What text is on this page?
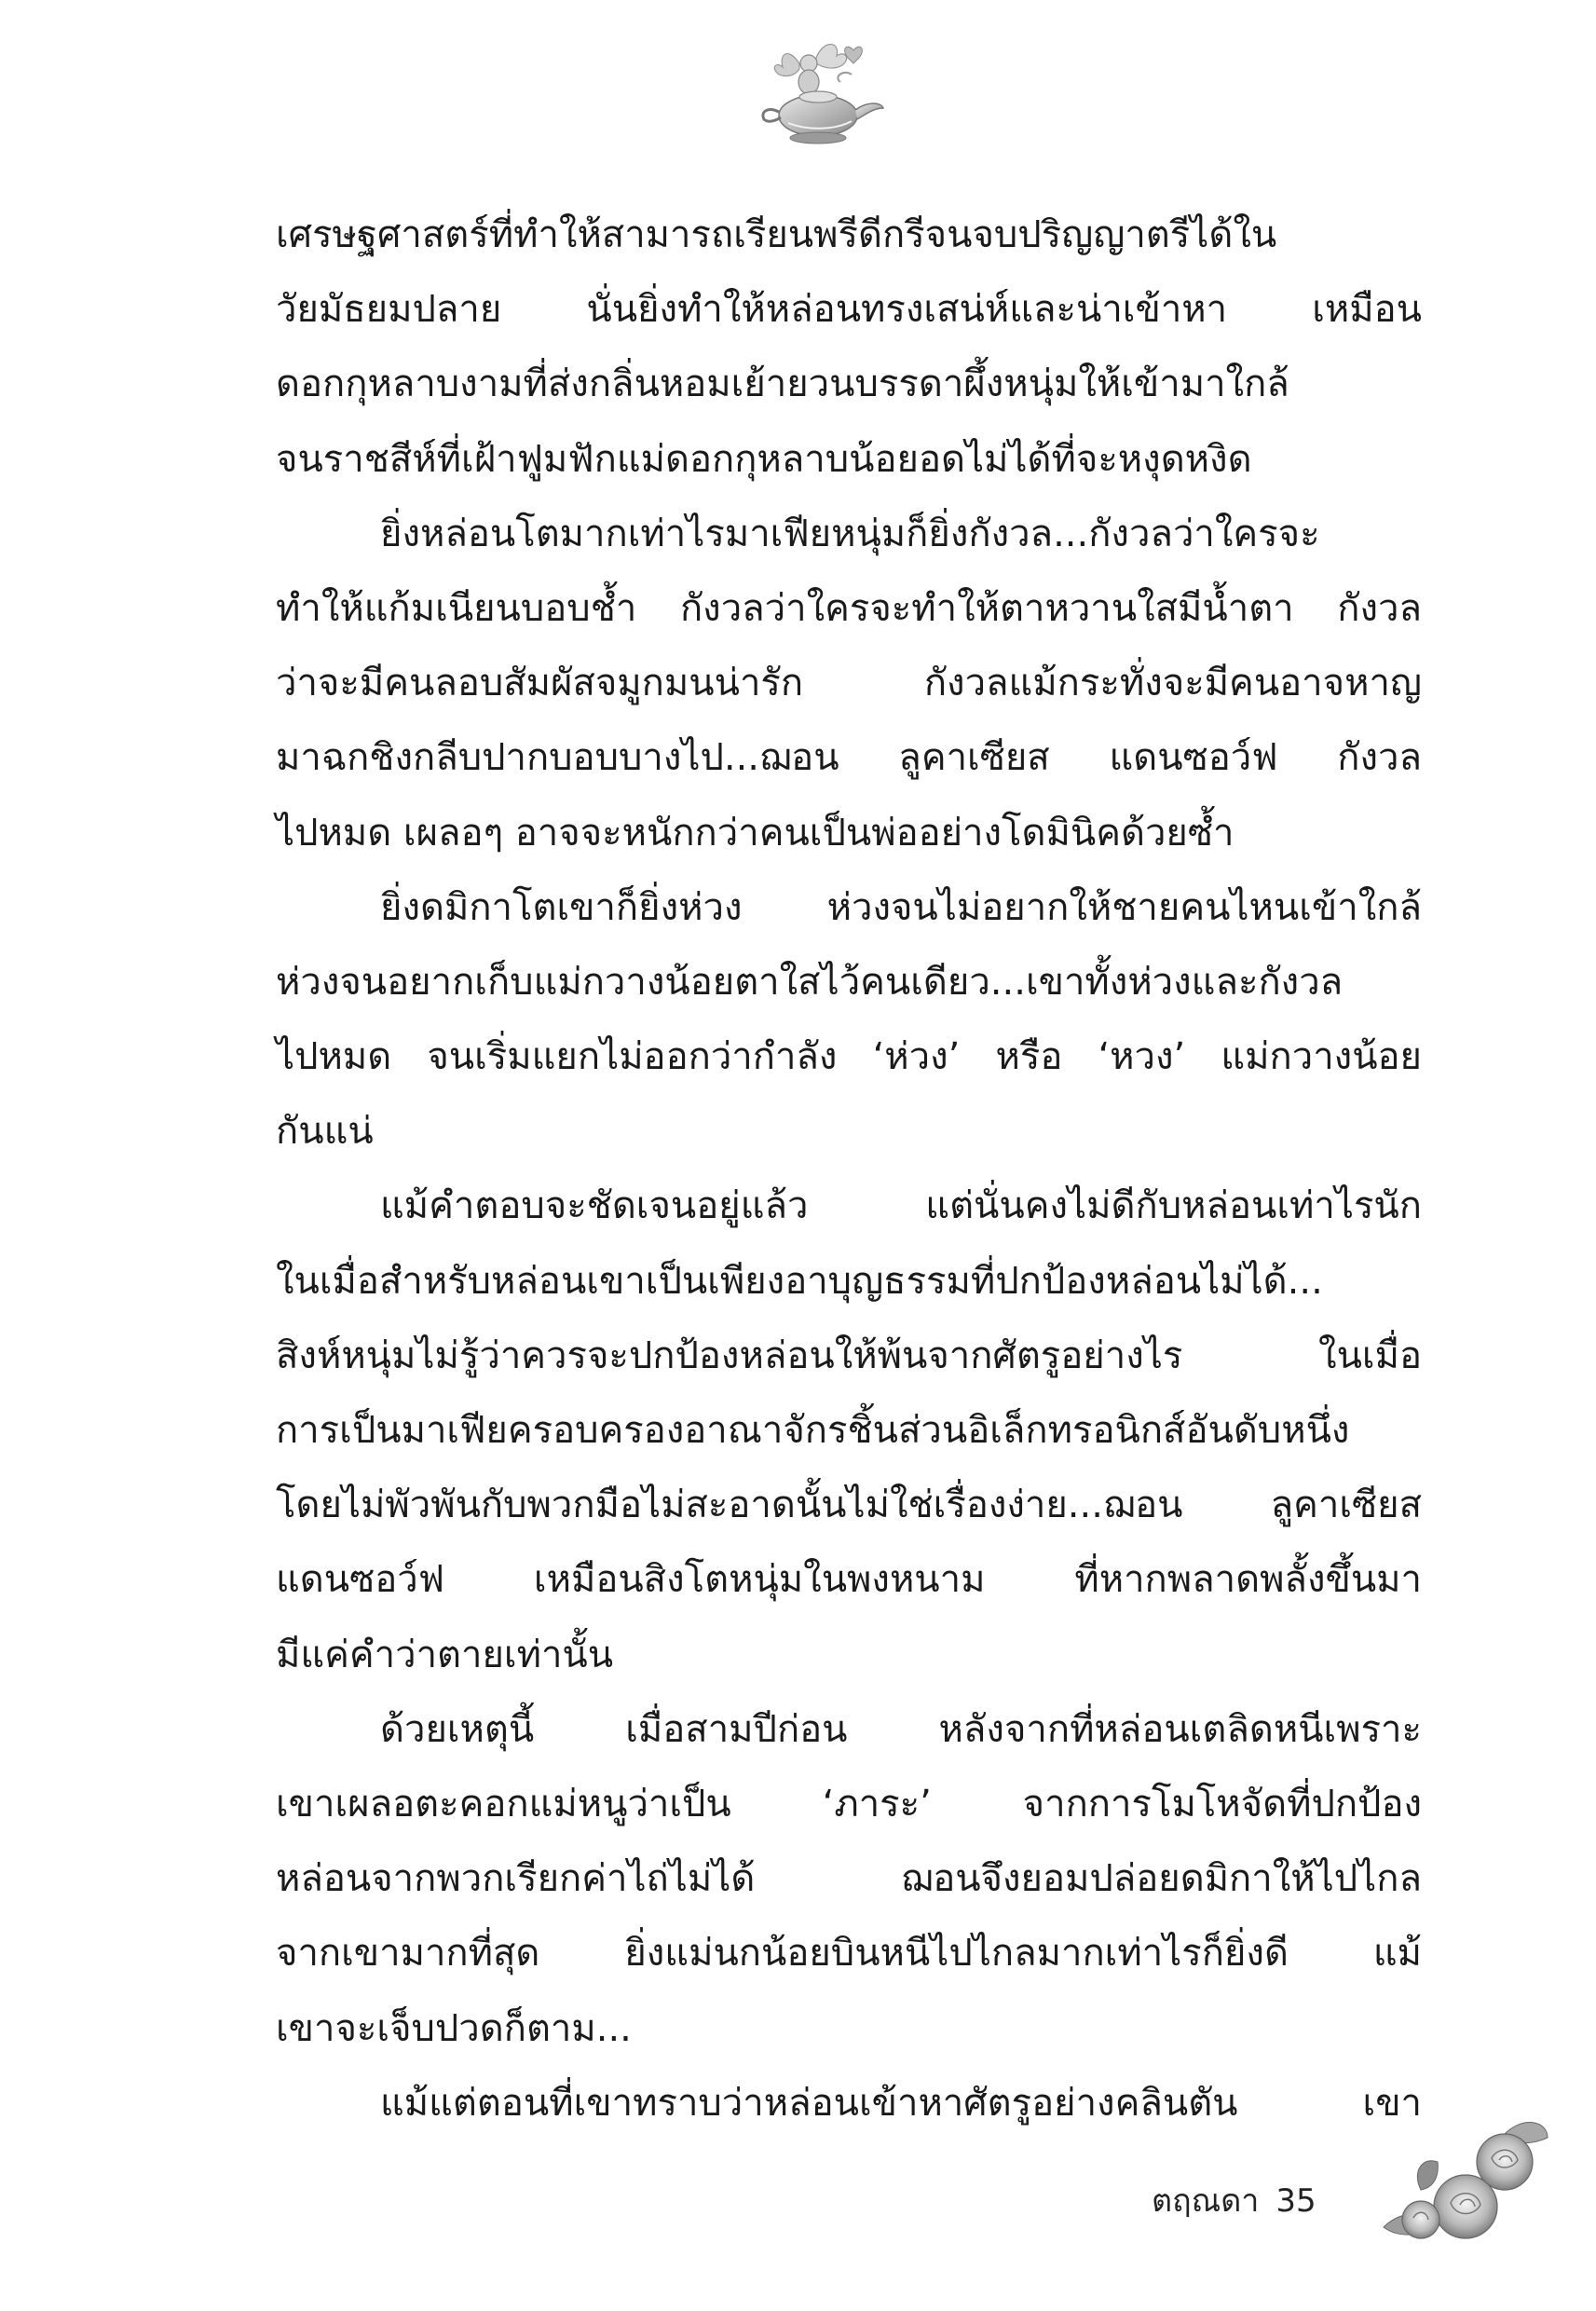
เศรษฐศาสตร์ที่ทำให้สามารถเรียนพรีดีกรีจนจบปริญญาตรีได้ใน
วัยมัธยมปลาย นั่นยิ่งทำให้หล่อนทรงเสน่ห์และน่าเข้าหา เหมือน
ดอกกุหลาบงามที่ส่งกลิ่นหอมเย้ายวนบรรดาผึ้งหนุ่มให้เข้ามาใกล้
จนราชสีห์ที่เฝ้าฟูมฟักแม่ดอกกุหลาบน้อยอดไม่ได้ที่จะหงุดหงิด
ยิ่งหล่อนโตมากเท่าไรมาเฟียหนุ่มก็ยิ่งกังวล...กังวลว่าใครจะ
ทำให้แก้มเนียนบอบช้ำ กังวลว่าใครจะทำให้ตาหวานใสมีน้ำตา กังวล
ว่าจะมีคนลอบสัมผัสจมูกมนน่ารัก กังวลแม้กระทั่งจะมีคนอาจหาญ
มาฉกชิงกลีบปากบอบบางไป...ฌอน ลูคาเซียส แดนซอว์ฟ กังวล
ไปหมด เผลอๆ อาจจะหนักกว่าคนเป็นพ่ออย่างโดมินิคด้วยซ้ำ
ยิ่งดมิกาโตเขาก็ยิ่งห่วง ห่วงจนไม่อยากให้ชายคนไหนเข้าใกล้
ห่วงจนอยากเก็บแม่กวางน้อยตาใสไว้คนเดียว...เขาทั้งห่วงและกังวล
ไปหมด จนเริ่มแยกไม่ออกว่ากำลัง ‘ห่วง’ หรือ ‘หวง’ แม่กวางน้อย
กันแน่
แม้คำตอบจะชัดเจนอยู่แล้ว แต่นั่นคงไม่ดีกับหล่อนเท่าไรนัก
ในเมื่อสำหรับหล่อนเขาเป็นเพียงอาบุญธรรมที่ปกป้องหล่อนไม่ได้...
สิงห์หนุ่มไม่รู้ว่าควรจะปกป้องหล่อนให้พ้นจากศัตรูอย่างไร ในเมื่อ
การเป็นมาเฟียครอบครองอาณาจักรชิ้นส่วนอิเล็กทรอนิกส์อันดับหนึ่ง
โดยไม่พัวพันกับพวกมือไม่สะอาดนั้นไม่ใช่เรื่องง่าย...ฌอน ลูคาเซียส
แดนซอว์ฟ เหมือนสิงโตหนุ่มในพงหนาม ที่หากพลาดพลั้งขึ้นมา
มีแค่คำว่าตายเท่านั้น
ด้วยเหตุนี้ เมื่อสามปีก่อน หลังจากที่หล่อนเตลิดหนีเพราะ
เขาเผลอตะคอกแม่หนูว่าเป็น ‘ภาระ’ จากการโมโหจัดที่ปกป้อง
หล่อนจากพวกเรียกค่าไถ่ไม่ได้ ฌอนจึงยอมปล่อยดมิกาให้ไปไกล
จากเขามากที่สุด ยิ่งแม่นกน้อยบินหนีไปไกลมากเท่าไรก็ยิ่งดี แม้
เขาจะเจ็บปวดก็ตาม...
แม้แต่ตอนที่เขาทราบว่าหล่อนเข้าหาศัตรูอย่างคลินตัน เขา
ตฤณดา 35
